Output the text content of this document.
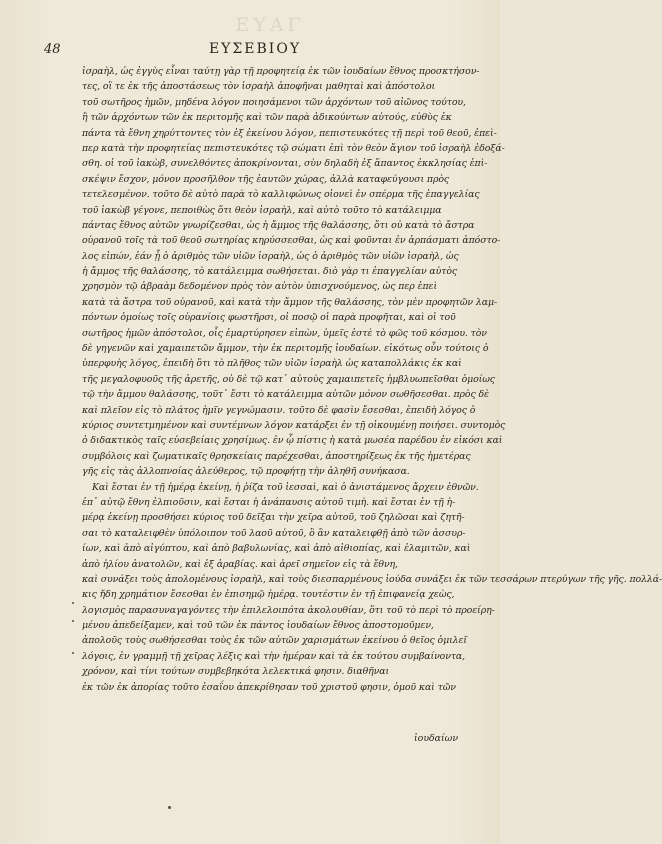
ΕΥΑΓ
48	ΕΥΣΕΒΙΟΥ
ἰσραὴλ, ὡς ἐγγὺς εἶναι ταύτῃ γὰρ τῇ προφητείᾳ ἐκ τῶν ἰουδαίων ἔθνος προσκτήσον-
τες, οἳ τε ἐκ τῆς ἀποστάσεως τὸν ἰσραὴλ ἀποφῆναι μαθηταὶ καὶ ἀπόστολοι
τοῦ σωτῆρος ἡμῶν, μηδένα λόγον ποιησάμενοι τῶν ἀρχόντων τοῦ αἰῶνος τούτου,
ἢ τῶν ἀρχόντων τῶν ἐκ περιτομῆς καὶ τῶν παρὰ ἀδικούντων αὐτούς, εὐθὺς ἐκ
πάντα τὰ ἔθνη χηρύττοντες τὸν ἐξ ἐκείνου λόγον, πεπιστευκότες τῇ περὶ τοῦ θεοῦ, ἐπεὶ-
περ κατὰ τὴν προφητείας πεπιστευκότες τῷ σώματι ἐπὶ τὸν θεὸν ἅγιον τοῦ ἰσραὴλ ἐδοξά-
σθη. οἱ τοῦ ἰακὼβ, συνελθόντες ἀποκρίνονται, σὺν δηλαδὴ ἐξ ἅπαντος ἐκκλησίας ἐπὶ-
σκέψιν ἔσχον, μόνον προσῆλθον τῆς ἑαυτῶν χώρας, ἀλλὰ καταφεύγουσι πρὸς
τετελεσμένον. τοῦτο δὲ αὐτὸ παρὰ τὸ καλλιφώνως οἰονεὶ ἐν σπέρμα τῆς ἐπαγγελίας
τοῦ ἰακὼβ γέγονε, πεποιθὼς ὅτι θεὸν ἰσραὴλ, καὶ αὐτὸ τοῦτο τὸ κατάλειμμα
πάντας ἔθνος αὐτῶν γνωρίζεσθαι, ὡς ἡ ἄμμος τῆς θαλάσσης, ὅτι οὐ κατὰ τὸ ἄστρα
οὐρανοῦ τοῖς τὰ τοῦ θεοῦ σωτηρίας κηρύσσεσθαι, ὡς καὶ φοῦνται ἐν ἁρπάσματι ἀπόστο-
λος εἰπών, ἐάν ᾖ ὁ ἀριθμὸς τῶν υἱῶν ἰσραὴλ, ὡς ὁ ἀριθμὸς τῶν υἱῶν ἰσραὴλ, ὡς
ἡ ἄμμος τῆς θαλάσσης, τὸ κατάλειμμα σωθήσεται. διὸ γὰρ τι ἐπαγγελίαν αὐτὸς
χρησμὸν τῷ ἀβραὰμ δεδομένον πρὸς τὸν αὐτὸν ὑπισχνούμενος, ὡς περ ἐπεὶ
κατὰ τὰ ἄστρα τοῦ οὐρανοῦ, καὶ κατὰ τὴν ἄμμον τῆς θαλάσσης, τὸν μὲν προφητῶν λαμ-
πόντων ὁμοίως τοῖς οὐρανίοις φωστῆρσι, οἱ ποσῷ οἱ παρὰ προφῆται, καὶ οἱ τοῦ
σωτῆρος ἡμῶν ἀπόστολοι, οἷς ἐμαρτύρησεν εἰπὼν, ὑμεῖς ἐστὲ τὸ φῶς τοῦ κόσμου. τὸν
δὲ γηγενῶν καὶ χαμαιπετῶν ἄμμον, τὴν ἐκ περιτομῆς ἰουδαίων. εἰκότως οὖν τούτοις ὁ
ὑπερφυὴς λόγος, ἐπειδὴ ὅτι τὸ πλῆθος τῶν υἱῶν ἰσραὴλ ὡς καταπολλάκις ἐκ καὶ
τῆς μεγαλοφυοῦς τῆς ἀρετῆς, οὐ δὲ τῷ κατ᾽ αὐτοὺς χαμαιπετεῖς ἠμβλυωπεῖσθαι ὁμοίως
τῷ τὴν ἄμμου θαλάσσης, τοῦτ᾽ ἔστι τὸ κατάλειμμα αὐτῶν μόνον σωθῆσεσθαι. πρὸς δὲ
καὶ πλεῖον εἰς τὸ πλάτος ἡμῖν γεγνώμασιν. τοῦτο δὲ φασὶν ἔσεσθαι, ἐπειδὴ λόγος ὁ
κύριος συντετμημένον καὶ συντέμνων λόγον κατάρξει ἐν τῇ οἰκουμένῃ ποιήσει. συντομὸς
ὁ διδακτικὸς ταῖς εὐσεβείαις χρησίμως. ἐν ᾧ πίστις ἡ κατὰ μωσέα παρέδου ἐν εἰκόσι καὶ
συμβόλοις καὶ ζωματικαῖς θρησκείαις παρέχεσθαι, ἀποστηρίξεως ἐκ τῆς ἡμετέρας
γῆς εἰς τὰς ἀλλοπνοίας ἀλεύθερος, τῷ προφήτῃ τὴν ἀληθῆ συνήκασα.
Καὶ ἔσται ἐν τῇ ἡμέρᾳ ἐκείνῃ, ἡ ῥίζα τοῦ ἰεσσαὶ, καὶ ὁ ἀνιστάμενος ἄρχειν ἐθνῶν.
ἐπ᾽ αὐτῷ ἔθνη ἐλπιοῦσιν, καὶ ἔσται ἡ ἀνάπαυσις αὐτοῦ τιμὴ. καὶ ἔσται ἐν τῇ ἡ-
μέρᾳ ἐκείνῃ προσθήσει κύριος τοῦ δεῖξαι τὴν χεῖρα αὐτοῦ, τοῦ ζηλῶσαι καὶ ζητῆ-
σαι τὸ καταλειφθὲν ὑπόλοιπον τοῦ λαοῦ αὐτοῦ, ὃ ἂν καταλειφθῇ ἀπὸ τῶν ἀσσυρ-
ίων, καὶ ἀπὸ αἰγύπτου, καὶ ἀπὸ βαβυλωνίας, καὶ ἀπὸ αἰθιοπίας, καὶ ἐλαμιτῶν, καὶ
ἀπὸ ἡλίου ἀνατολῶν, καὶ ἐξ ἀραβίας. καὶ ἀρεῖ σημεῖον εἰς τὰ ἔθνη,
καὶ συνάξει τοὺς ἀπολομένους ἰσραὴλ, καὶ τοὺς διεσπαρμένους ἰούδα συνάξει ἐκ τῶν τεσσάρων πτερύγων τῆς γῆς. πολλά-
κις ἤδη χρημάτιον ἔσεσθαι ἐν ἐπισημῷ ἡμέρᾳ. τουτέστιν ἐν τῇ ἐπιφανείᾳ χεὼς,
λογισμὸς παρασυναγαγόντες τὴν ἐπιλελοιπότα ἀκολουθίαν, ὅτι τοῦ τὸ περὶ τὸ προείρη-
μένου ἀπεδείξαμεν, καὶ τοῦ τῶν ἐκ πάντος ἰουδαίων ἔθνος ἀποστομοῦμεν,
ἀπολοῦς τοὺς σωθήσεσθαι τοὺς ἐκ τῶν αὐτῶν χαρισμάτων ἐκείνου ὁ θεῖος ὁμιλεῖ
λόγοις, ἐν γραμμῇ τῇ χεῖρας λέξις καὶ τὴν ἡμέραν καὶ τὰ ἐκ τούτου συμβαίνοντα,
χρόνον, καὶ τίνι τούτων συμβεβηκότα λελεκτικά φησιν. διαθῆναι
ἐκ τῶν ἐκ ἀπορίας τοῦτο ἐσαΐου ἀπεκρίθησαν τοῦ χριστοῦ φησιν, ὁμοῦ καὶ τῶν
ἰουδαίων
